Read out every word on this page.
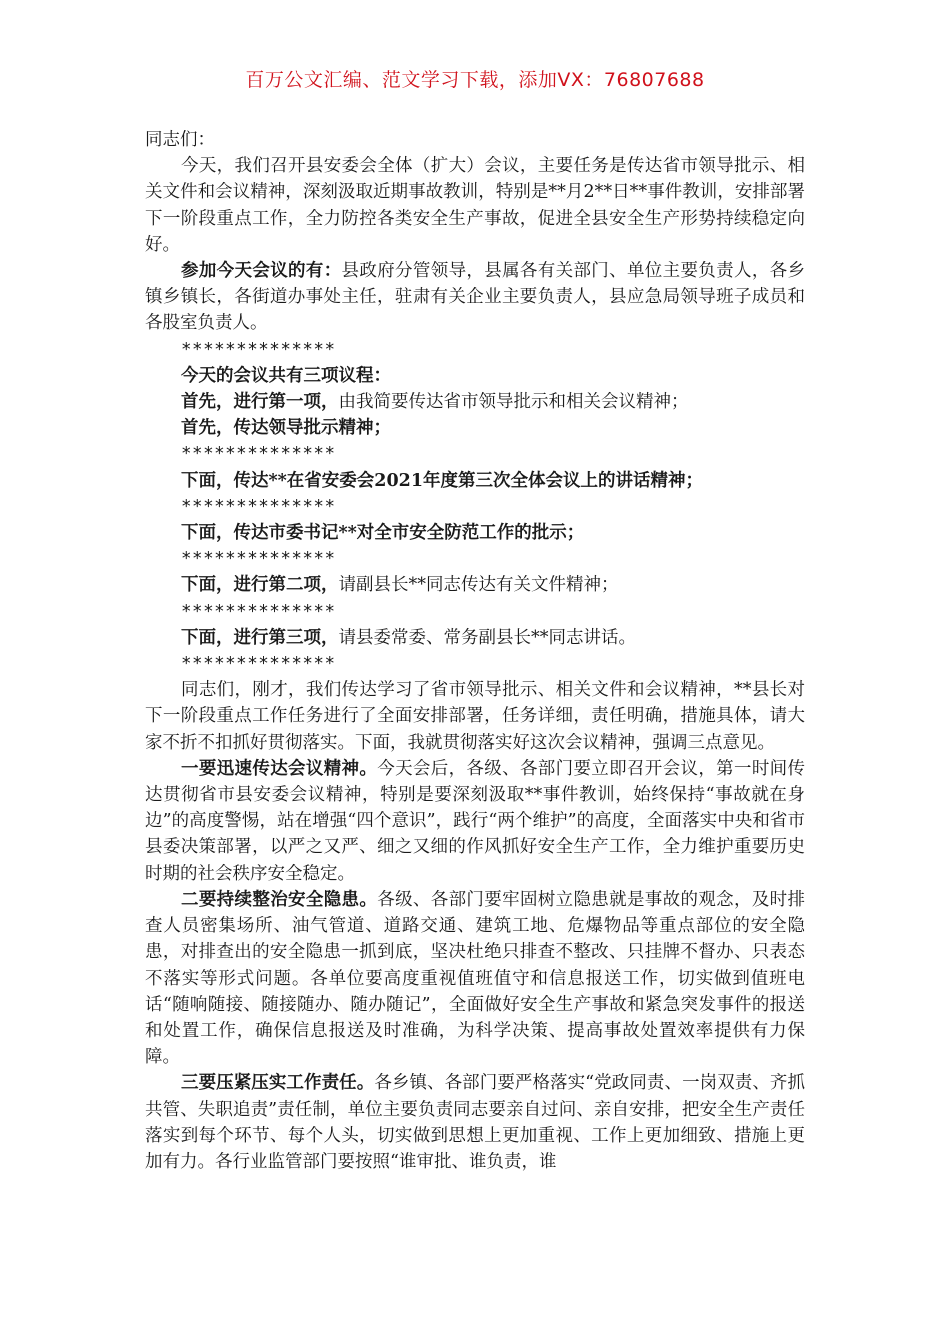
百万公文汇编、范文学习下载，添加VX：76807688

同志们：

今天，我们召开县安委会全体（扩大）会议，主要任务是传达省市领导批示、相关文件和会议精神，深刻汲取近期事故教训，特别是**月2**日**事件教训，安排部署下一阶段重点工作，全力防控各类安全生产事故，促进全县安全生产形势持续稳定向好。

参加今天会议的有：县政府分管领导，县属各有关部门、单位主要负责人，各乡镇乡镇长，各街道办事处主任，驻肃有关企业主要负责人，县应急局领导班子成员和各股室负责人。

**************

今天的会议共有三项议程：

首先，进行第一项，由我简要传达省市领导批示和相关会议精神；

首先，传达领导批示精神；

**************

下面，传达**在省安委会2021年度第三次全体会议上的讲话精神；

**************

下面，传达市委书记**对全市安全防范工作的批示；

**************

下面，进行第二项，请副县长**同志传达有关文件精神；

**************

下面，进行第三项，请县委常委、常务副县长**同志讲话。

**************

同志们，刚才，我们传达学习了省市领导批示、相关文件和会议精神，**县长对下一阶段重点工作任务进行了全面安排部署，任务详细，责任明确，措施具体，请大家不折不扣抓好贯彻落实。下面，我就贯彻落实好这次会议精神，强调三点意见。

一要迅速传达会议精神。今天会后，各级、各部门要立即召开会议，第一时间传达贯彻省市县安委会议精神，特别是要深刻汲取**事件教训，始终保持“事故就在身边”的高度警惕，站在增强“四个意识”，践行“两个维护”的高度，全面落实中央和省市县委决策部署，以严之又严、细之又细的作风抓好安全生产工作，全力维护重要历史时期的社会秩序安全稳定。

二要持续整治安全隐患。各级、各部门要牢固树立隐患就是事故的观念，及时排查人员密集场所、油气管道、道路交通、建筑工地、危爆物品等重点部位的安全隐患，对排查出的安全隐患一抓到底，坚决杜绝只排查不整改、只挂牌不督办、只表态不落实等形式问题。各单位要高度重视值班值守和信息报送工作，切实做到值班电话“随响随接、随接随办、随办随记”，全面做好安全生产事故和紧急突发事件的报送和处置工作，确保信息报送及时准确，为科学决策、提高事故处置效率提供有力保障。

三要压紧压实工作责任。各乡镇、各部门要严格落实“党政同责、一岗双责、齐抓共管、失职追责”责任制，单位主要负责同志要亲自过问、亲自安排，把安全生产责任落实到每个环节、每个人头，切实做到思想上更加重视、工作上更加细致、措施上更加有力。各行业监管部门要按照“谁审批、谁负责，谁
